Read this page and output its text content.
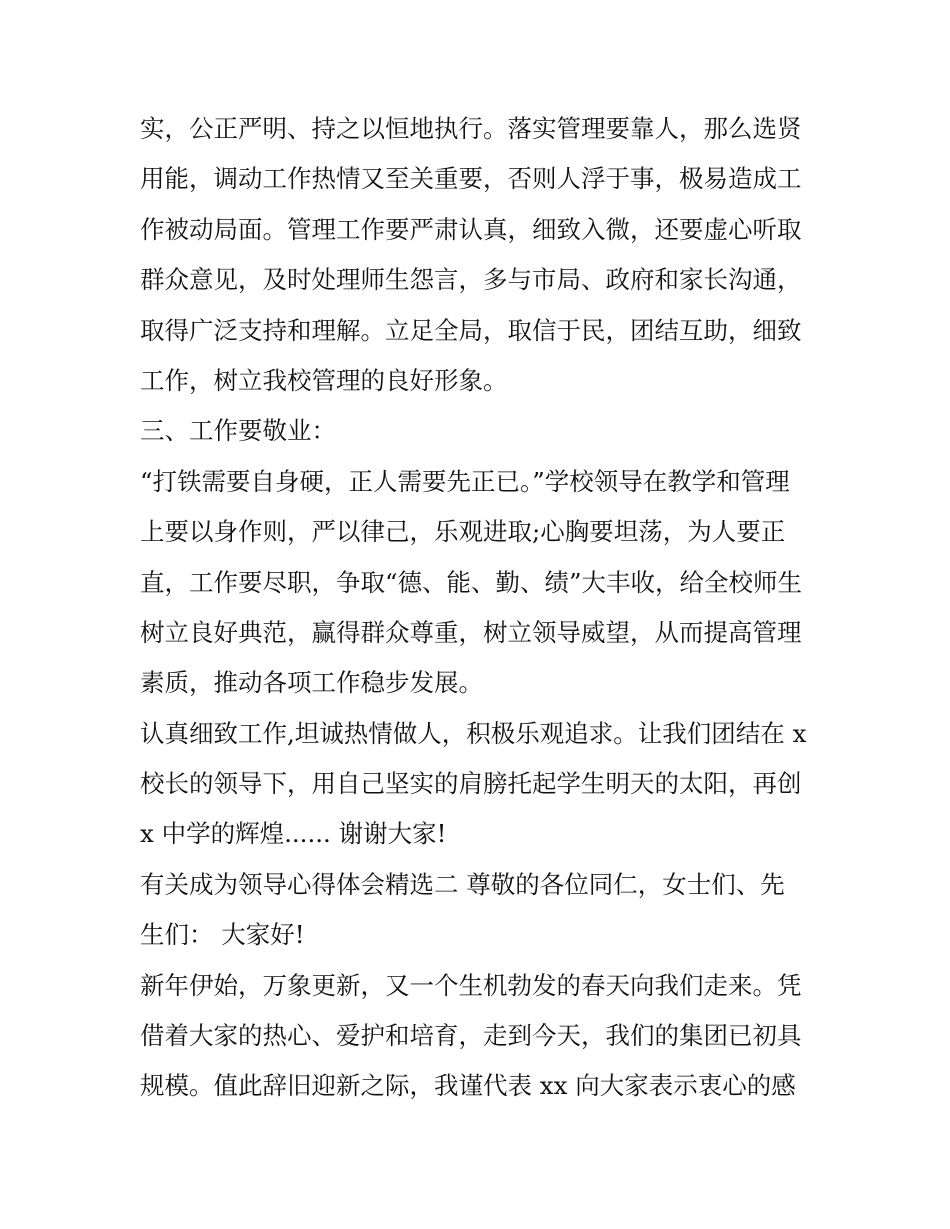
实，公正严明、持之以恒地执行。落实管理要靠人，那么选贤
用能，调动工作热情又至关重要，否则人浮于事，极易造成工
作被动局面。管理工作要严肃认真，细致入微，还要虚心听取
群众意见，及时处理师生怨言，多与市局、政府和家长沟通，
取得广泛支持和理解。立足全局，取信于民，团结互助，细致
工作，树立我校管理的良好形象。
三、工作要敬业：
“打铁需要自身硬，正人需要先正已。”学校领导在教学和管理
上要以身作则，严以律己，乐观进取;心胸要坦荡，为人要正
直，工作要尽职，争取“德、能、勤、绩”大丰收，给全校师生
树立良好典范，赢得群众尊重，树立领导威望，从而提高管理
素质，推动各项工作稳步发展。
认真细致工作,坦诚热情做人，积极乐观追求。让我们团结在 x
校长的领导下，用自己坚实的肩膀托起学生明天的太阳，再创
x 中学的辉煌...... 谢谢大家!
有关成为领导心得体会精选二 尊敬的各位同仁，女士们、先
生们： 大家好!
新年伊始，万象更新，又一个生机勃发的春天向我们走来。凭
借着大家的热心、爱护和培育，走到今天，我们的集团已初具
规模。值此辞旧迎新之际，我谨代表 xx 向大家表示衷心的感
